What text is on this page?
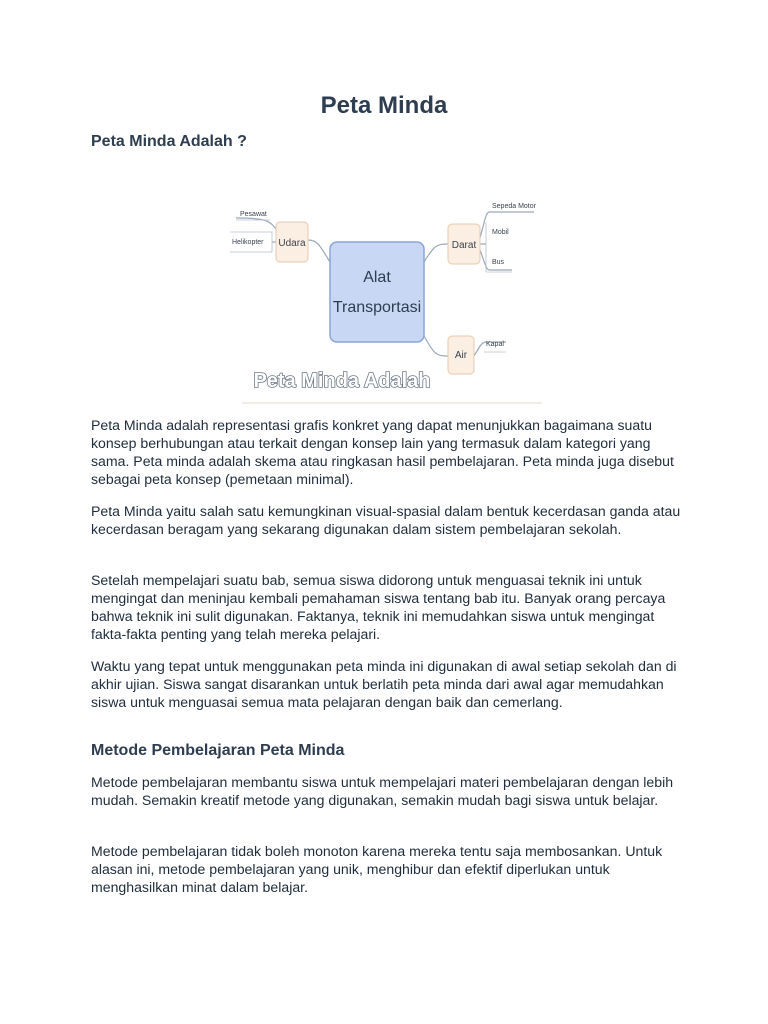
Peta Minda
Peta Minda Adalah ?
Alat
Transportasi
Udara	Darat
Air
Pesawat
Helikopter
Sepeda Motor
Mobil
Bus
Kapal
Peta Minda Adalah

Peta Minda adalah representasi grafis konkret yang dapat menunjukkan bagaimana suatu konsep berhubungan atau terkait dengan konsep lain yang termasuk dalam kategori yang sama. Peta minda adalah skema atau ringkasan hasil pembelajaran. Peta minda juga disebut sebagai peta konsep (pemetaan minimal).

Peta Minda yaitu salah satu kemungkinan visual-spasial dalam bentuk kecerdasan ganda atau kecerdasan beragam yang sekarang digunakan dalam sistem pembelajaran sekolah.

Setelah mempelajari suatu bab, semua siswa didorong untuk menguasai teknik ini untuk mengingat dan meninjau kembali pemahaman siswa tentang bab itu. Banyak orang percaya bahwa teknik ini sulit digunakan. Faktanya, teknik ini memudahkan siswa untuk mengingat fakta-fakta penting yang telah mereka pelajari.

Waktu yang tepat untuk menggunakan peta minda ini digunakan di awal setiap sekolah dan di akhir ujian. Siswa sangat disarankan untuk berlatih peta minda dari awal agar memudahkan siswa untuk menguasai semua mata pelajaran dengan baik dan cemerlang.

Metode Pembelajaran Peta Minda

Metode pembelajaran membantu siswa untuk mempelajari materi pembelajaran dengan lebih mudah. Semakin kreatif metode yang digunakan, semakin mudah bagi siswa untuk belajar.

Metode pembelajaran tidak boleh monoton karena mereka tentu saja membosankan. Untuk alasan ini, metode pembelajaran yang unik, menghibur dan efektif diperlukan untuk menghasilkan minat dalam belajar.
